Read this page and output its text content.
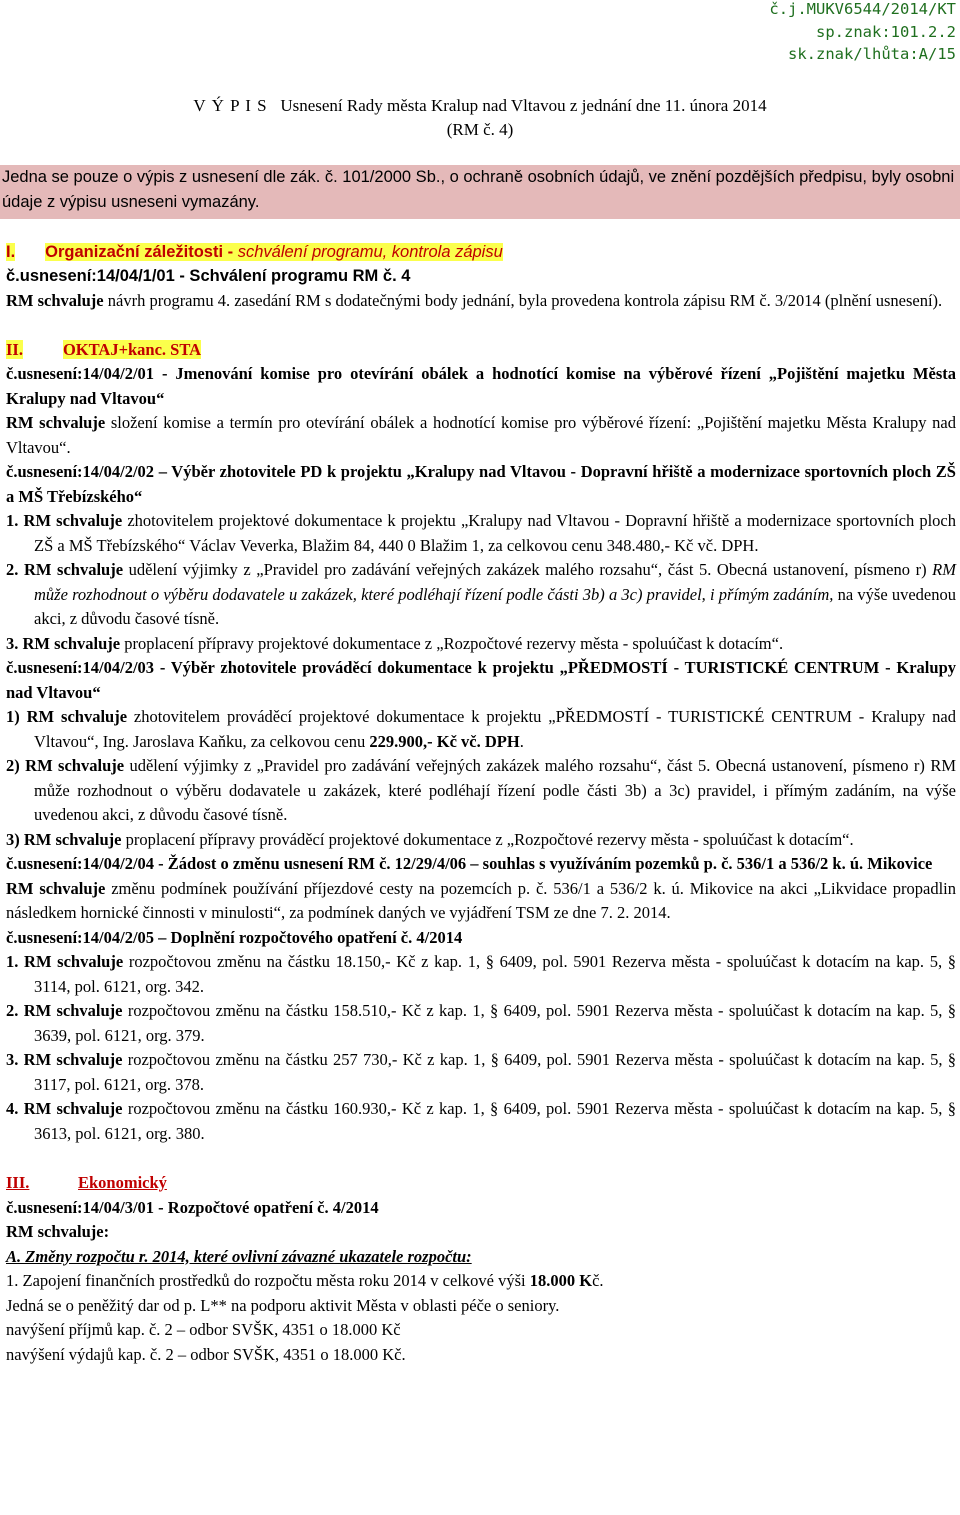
č.j.MUKV6544/2014/KT
sp.znak:101.2.2
sk.znak/lhůta:A/15
V Ý P I S Usnesení Rady města Kralup nad Vltavou z jednání dne 11. února 2014
(RM č. 4)
Jedna se pouze o výpis z usnesení dle zák. č. 101/2000 Sb., o ochraně osobních údajů, ve znění pozdějších předpisu, byly osobni údaje z výpisu usneseni vymazány.

I. Organizační záležitosti - schválení programu, kontrola zápisu

č.usnesení:14/04/1/01 - Schválení programu RM č. 4

RM schvaluje návrh programu 4. zasedání RM s dodatečnými body jednání, byla provedena kontrola zápisu RM č. 3/2014 (plnění usnesení).

II. OKTAJ+kanc. STA

č.usnesení:14/04/2/01 - Jmenování komise pro otevírání obálek a hodnotící komise na výběrové řízení „Pojištění majetku Města Kralupy nad Vltavou“

RM schvaluje složení komise a termín pro otevírání obálek a hodnotící komise pro výběrové řízení: „Pojištění majetku Města Kralupy nad Vltavou“.

č.usnesení:14/04/2/02 – Výběr zhotovitele PD k projektu „Kralupy nad Vltavou - Dopravní hřiště a modernizace sportovních ploch ZŠ a MŠ Třebízského“

1. RM schvaluje zhotovitelem projektové dokumentace k projektu „Kralupy nad Vltavou - Dopravní hřiště a modernizace sportovních ploch ZŠ a MŠ Třebízského“ Václav Veverka, Blažim 84, 440 0 Blažim 1, za celkovou cenu 348.480,- Kč vč. DPH.

2. RM schvaluje udělení výjimky z „Pravidel pro zadávání veřejných zakázek malého rozsahu“, část 5. Obecná ustanovení, písmeno r) RM může rozhodnout o výběru dodavatele u zakázek, které podléhají řízení podle části 3b) a 3c) pravidel, i přímým zadáním, na výše uvedenou akci, z důvodu časové tísně.

3. RM schvaluje proplacení přípravy projektové dokumentace z „Rozpočtové rezervy města - spoluúčast k dotacím“.

č.usnesení:14/04/2/03 - Výběr zhotovitele prováděcí dokumentace k projektu „PŘEDMOSTÍ - TURISTICKÉ CENTRUM - Kralupy nad Vltavou“

1) RM schvaluje zhotovitelem prováděcí projektové dokumentace k projektu „PŘEDMOSTÍ - TURISTICKÉ CENTRUM - Kralupy nad Vltavou“, Ing. Jaroslava Kaňku, za celkovou cenu 229.900,- Kč vč. DPH.

2) RM schvaluje udělení výjimky z „Pravidel pro zadávání veřejných zakázek malého rozsahu“, část 5. Obecná ustanovení, písmeno r) RM může rozhodnout o výběru dodavatele u zakázek, které podléhají řízení podle části 3b) a 3c) pravidel, i přímým zadáním, na výše uvedenou akci, z důvodu časové tísně.

3) RM schvaluje proplacení přípravy prováděcí projektové dokumentace z „Rozpočtové rezervy města - spoluúčast k dotacím“.

č.usnesení:14/04/2/04 - Žádost o změnu usnesení RM č. 12/29/4/06 – souhlas s využíváním pozemků p. č. 536/1 a 536/2 k. ú. Mikovice

RM schvaluje změnu podmínek používání příjezdové cesty na pozemcích p. č. 536/1 a 536/2 k. ú. Mikovice na akci „Likvidace propadlin následkem hornické činnosti v minulosti“, za podmínek daných ve vyjádření TSM ze dne 7. 2. 2014.

č.usnesení:14/04/2/05 – Doplnění rozpočtového opatření č. 4/2014

1. RM schvaluje rozpočtovou změnu na částku 18.150,- Kč z kap. 1, § 6409, pol. 5901 Rezerva města - spoluúčast k dotacím na kap. 5, § 3114, pol. 6121, org. 342.

2. RM schvaluje rozpočtovou změnu na částku 158.510,- Kč z kap. 1, § 6409, pol. 5901 Rezerva města - spoluúčast k dotacím na kap. 5, § 3639, pol. 6121, org. 379.

3. RM schvaluje rozpočtovou změnu na částku 257 730,- Kč z kap. 1, § 6409, pol. 5901 Rezerva města - spoluúčast k dotacím na kap. 5, § 3117, pol. 6121, org. 378.

4. RM schvaluje rozpočtovou změnu na částku 160.930,- Kč z kap. 1, § 6409, pol. 5901 Rezerva města - spoluúčast k dotacím na kap. 5, § 3613, pol. 6121, org. 380.

III.	Ekonomický

č.usnesení:14/04/3/01 - Rozpočtové opatření č. 4/2014

RM schvaluje:

A. Změny rozpočtu r. 2014, které ovlivní závazné ukazatele rozpočtu:

1. Zapojení finančních prostředků do rozpočtu města roku 2014 v celkové výši 18.000 Kč.

Jedná se o peněžitý dar od p. L** na podporu aktivit Města v oblasti péče o seniory.

navýšení příjmů kap. č. 2 – odbor SVŠK, 4351 o 18.000 Kč

navýšení výdajů kap. č. 2 – odbor SVŠK, 4351 o 18.000 Kč.
